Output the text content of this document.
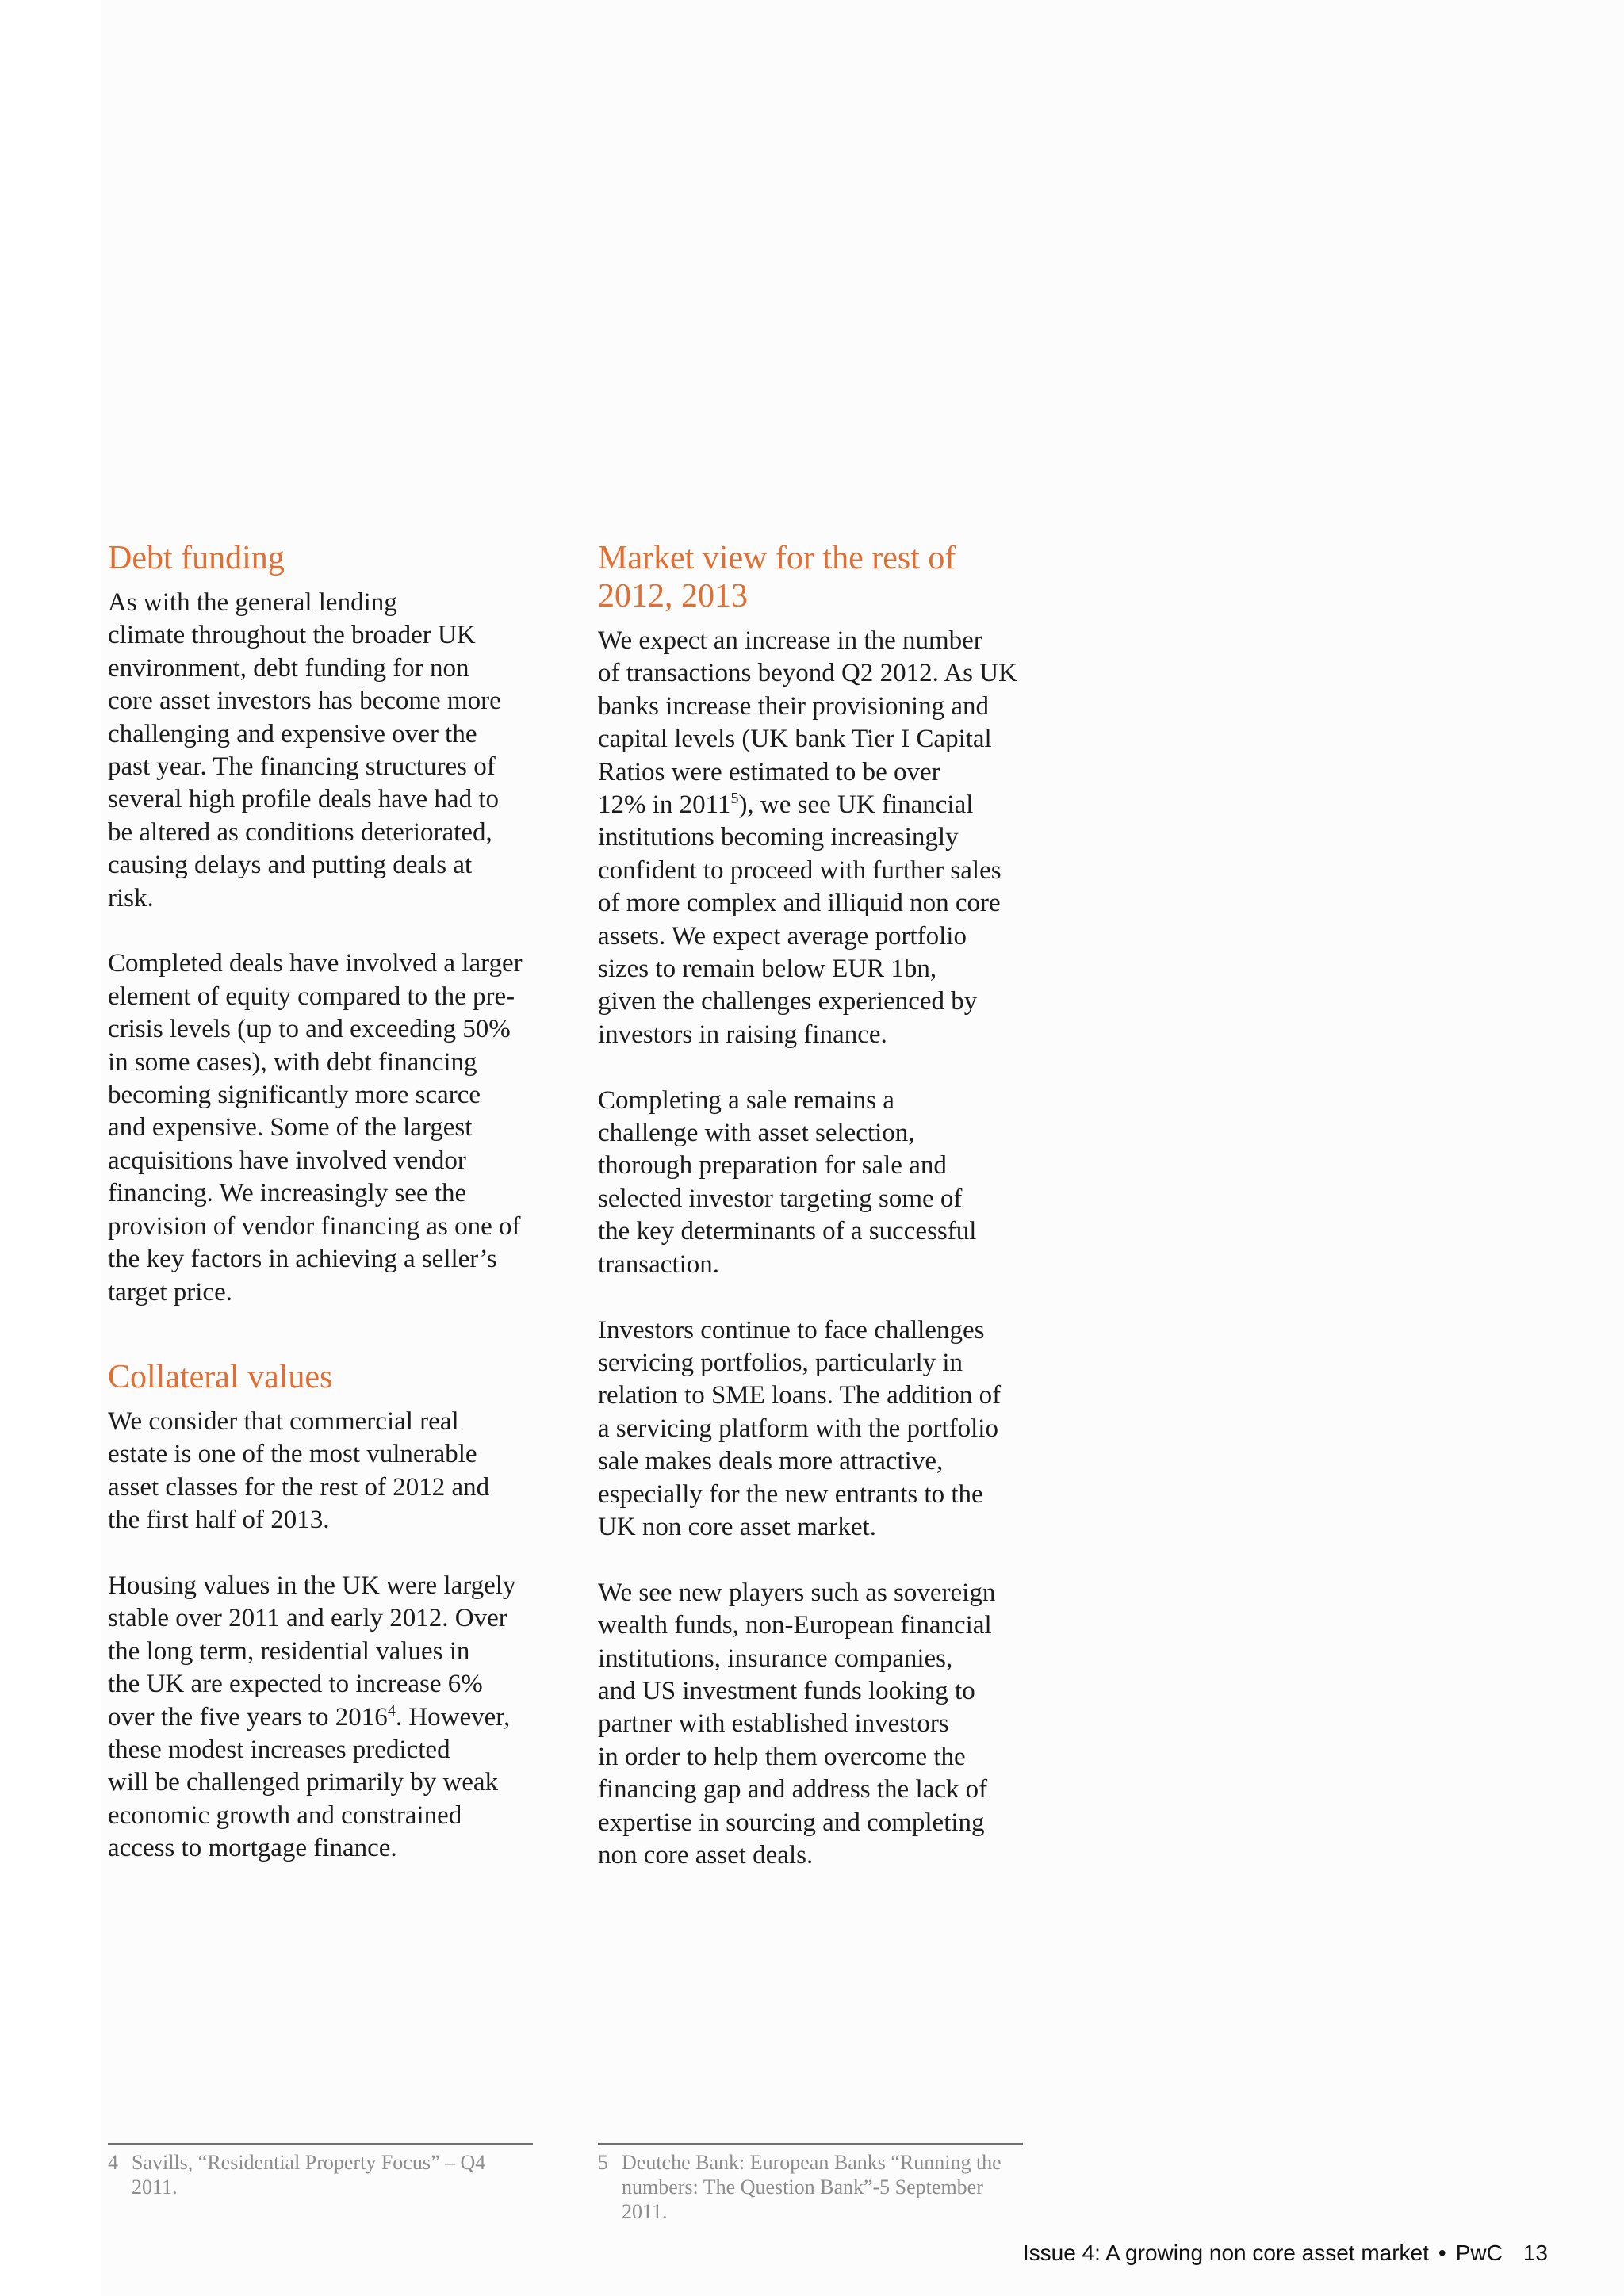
Debt funding

As with the general lending
climate throughout the broader UK
environment, debt funding for non
core asset investors has become more
challenging and expensive over the
past year. The financing structures of
several high profile deals have had to
be altered as conditions deteriorated,
causing delays and putting deals at
risk.

Completed deals have involved a larger
element of equity compared to the pre-
crisis levels (up to and exceeding 50%
in some cases), with debt financing
becoming significantly more scarce
and expensive. Some of the largest
acquisitions have involved vendor
financing. We increasingly see the
provision of vendor financing as one of
the key factors in achieving a seller’s
target price.

Collateral values

We consider that commercial real
estate is one of the most vulnerable
asset classes for the rest of 2012 and
the first half of 2013.

Housing values in the UK were largely
stable over 2011 and early 2012. Over
the long term, residential values in
the UK are expected to increase 6%
over the five years to 2016$^4$. However,
these modest increases predicted
will be challenged primarily by weak
economic growth and constrained
access to mortgage finance.

Market view for the rest of
2012, 2013

We expect an increase in the number
of transactions beyond Q2 2012. As UK
banks increase their provisioning and
capital levels (UK bank Tier I Capital
Ratios were estimated to be over
12% in 2011$^5$), we see UK financial
institutions becoming increasingly
confident to proceed with further sales
of more complex and illiquid non core
assets. We expect average portfolio
sizes to remain below EUR 1bn,
given the challenges experienced by
investors in raising finance.

Completing a sale remains a
challenge with asset selection,
thorough preparation for sale and
selected investor targeting some of
the key determinants of a successful
transaction.

Investors continue to face challenges
servicing portfolios, particularly in
relation to SME loans. The addition of
a servicing platform with the portfolio
sale makes deals more attractive,
especially for the new entrants to the
UK non core asset market.

We see new players such as sovereign
wealth funds, non-European financial
institutions, insurance companies,
and US investment funds looking to
partner with established investors
in order to help them overcome the
financing gap and address the lack of
expertise in sourcing and completing
non core asset deals.

4 Savills, “Residential Property Focus” – Q4
2011.
5 Deutche Bank: European Banks “Running the
numbers: The Question Bank”-5 September
2011.
Issue 4: A growing non core asset market • PwC 13
